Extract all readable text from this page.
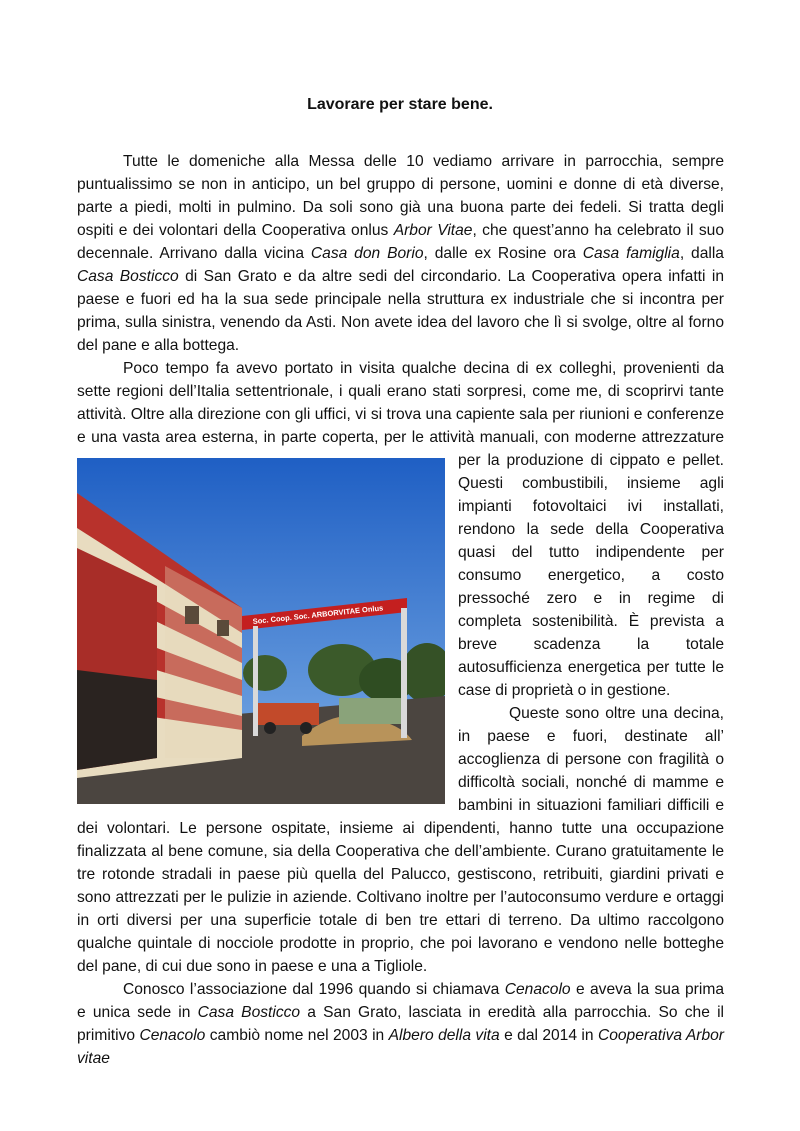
Lavorare per stare bene.

Tutte le domeniche alla Messa delle 10 vediamo arrivare in parrocchia, sempre puntualissimo se non in anticipo, un bel gruppo di persone, uomini e donne di età diverse, parte a piedi, molti in pulmino. Da soli sono già una buona parte dei fedeli. Si tratta degli ospiti e dei volontari della Cooperativa onlus Arbor Vitae, che quest’anno ha celebrato il suo decennale. Arrivano dalla vicina Casa don Borio, dalle ex Rosine ora Casa famiglia, dalla Casa Bosticco di San Grato e da altre sedi del circondario. La Cooperativa opera infatti in paese e fuori ed ha la sua sede principale nella struttura ex industriale che si incontra per prima, sulla sinistra, venendo da Asti. Non avete idea del lavoro che lì si svolge, oltre al forno del pane e alla bottega.

Poco tempo fa avevo portato in visita qualche decina di ex colleghi, provenienti da sette regioni dell’Italia settentrionale, i quali erano stati sorpresi, come me, di scoprirvi tante attività. Oltre alla direzione con gli uffici, vi si trova una capiente sala per riunioni e conferenze e una vasta area esterna, in parte coperta, per le attività manuali, con moderne attrezzature per la produzione di cippato e pellet.
Soc. Coop. Soc. ARBORVITAE Onlus
Questi combustibili, insieme agli impianti fotovoltaici ivi installati, rendono la sede della Cooperativa quasi del tutto indipendente per consumo energetico, a costo pressoché zero e in regime di completa sostenibilità. È prevista a breve scadenza la totale autosufficienza energetica per tutte le case di proprietà o in gestione.

Queste sono oltre una decina, in paese e fuori, destinate all’ accoglienza di persone con fragilità o difficoltà sociali, nonché di mamme e bambini in situazioni familiari difficili e dei volontari. Le persone ospitate, insieme ai dipendenti, hanno tutte una occupazione finalizzata al bene comune, sia della Cooperativa che dell’ambiente. Curano gratuitamente le tre rotonde stradali in paese più quella del Palucco, gestiscono, retribuiti, giardini privati e sono attrezzati per le pulizie in aziende. Coltivano inoltre per l’autoconsumo verdure e ortaggi in orti diversi per una superficie totale di ben tre ettari di terreno. Da ultimo raccolgono qualche quintale di nocciole prodotte in proprio, che poi lavorano e vendono nelle botteghe del pane, di cui due sono in paese e una a Tigliole.

Conosco l’associazione dal 1996 quando si chiamava Cenacolo e aveva la sua prima e unica sede in Casa Bosticco a San Grato, lasciata in eredità alla parrocchia. So che il primitivo Cenacolo cambiò nome nel 2003 in Albero della vita e dal 2014 in Cooperativa Arbor vitae
